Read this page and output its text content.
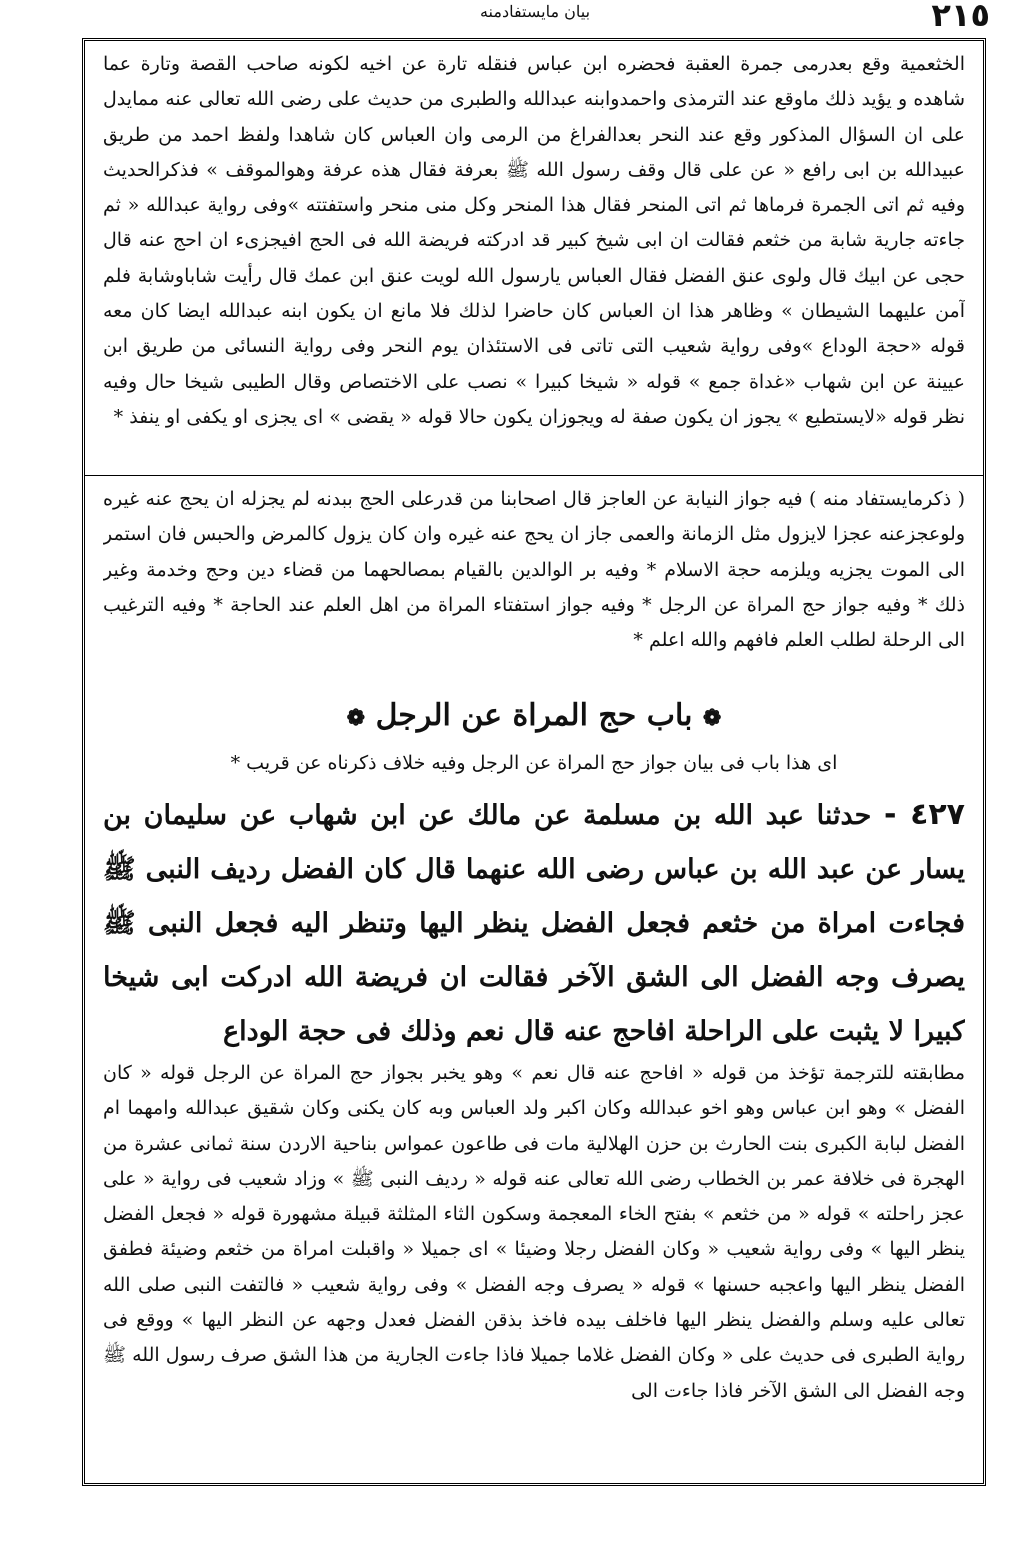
بيان مايستفادمنه	٢١٥

الخثعمية وقع بعدرمى جمرة العقبة فحضره ابن عباس فنقله تارة عن اخيه لكونه صاحب القصة وتارة عما شاهده و يؤيد ذلك ماوقع عند الترمذى واحمدوابنه عبدالله والطبرى من حديث على رضى الله تعالى عنه ممايدل على ان السؤال المذكور وقع عند النحر بعدالفراغ من الرمى وان العباس كان شاهدا ولفظ احمد من طريق عبيدالله بن ابى رافع « عن على قال وقف رسول الله ﷺ بعرفة فقال هذه عرفة وهوالموقف » فذكرالحديث وفيه ثم اتى الجمرة فرماها ثم اتى المنحر فقال هذا المنحر وكل منى منحر واستفتته »وفى رواية عبدالله « ثم جاءته جارية شابة من خثعم فقالت ان ابى شيخ كبير قد ادركته فريضة الله فى الحج افيجزىء ان احج عنه قال حجى عن ابيك قال ولوى عنق الفضل فقال العباس يارسول الله لويت عنق ابن عمك قال رأيت شاباوشابة فلم آمن عليهما الشيطان » وظاهر هذا ان العباس كان حاضرا لذلك فلا مانع ان يكون ابنه عبدالله ايضا كان معه قوله «حجة الوداع »وفى رواية شعيب التى تاتى فى الاستئذان يوم النحر وفى رواية النسائى من طريق ابن عيينة عن ابن شهاب «غداة جمع » قوله « شيخا كبيرا » نصب على الاختصاص وقال الطيبى شيخا حال وفيه نظر قوله «لايستطيع » يجوز ان يكون صفة له ويجوزان يكون حالا قوله « يقضى » اى يجزى او يكفى او ينفذ *

( ذكرمايستفاد منه ) فيه جواز النيابة عن العاجز قال اصحابنا من قدرعلى الحج ببدنه لم يجزله ان يحج عنه غيره ولوعجزعنه عجزا لايزول مثل الزمانة والعمى جاز ان يحج عنه غيره وان كان يزول كالمرض والحبس فان استمر الى الموت يجزيه ويلزمه حجة الاسلام * وفيه بر الوالدين بالقيام بمصالحهما من قضاء دين وحج وخدمة وغير ذلك * وفيه جواز حج المراة عن الرجل * وفيه جواز استفتاء المراة من اهل العلم عند الحاجة * وفيه الترغيب الى الرحلة لطلب العلم فافهم والله اعلم *

❁ باب حج المراة عن الرجل ❁

اى هذا باب فى بيان جواز حج المراة عن الرجل وفيه خلاف ذكرناه عن قريب *

٤٢٧ - حدثنا عبد الله بن مسلمة عن مالك عن ابن شهاب عن سليمان بن يسار عن عبد الله بن عباس رضى الله عنهما قال كان الفضل رديف النبى ﷺ فجاءت امراة من خثعم فجعل الفضل ينظر اليها وتنظر اليه فجعل النبى ﷺ يصرف وجه الفضل الى الشق الآخر فقالت ان فريضة الله ادركت ابى شيخا كبيرا لا يثبت على الراحلة افاحج عنه قال نعم وذلك فى حجة الوداع

مطابقته للترجمة تؤخذ من قوله « افاحج عنه قال نعم » وهو يخبر بجواز حج المراة عن الرجل قوله « كان الفضل » وهو ابن عباس وهو اخو عبدالله وكان اكبر ولد العباس وبه كان يكنى وكان شقيق عبدالله وامهما ام الفضل لبابة الكبرى بنت الحارث بن حزن الهلالية مات فى طاعون عمواس بناحية الاردن سنة ثمانى عشرة من الهجرة فى خلافة عمر بن الخطاب رضى الله تعالى عنه قوله « رديف النبى ﷺ » وزاد شعيب فى رواية « على عجز راحلته » قوله « من خثعم » بفتح الخاء المعجمة وسكون الثاء المثلثة قبيلة مشهورة قوله « فجعل الفضل ينظر اليها » وفى رواية شعيب « وكان الفضل رجلا وضيئا » اى جميلا « واقبلت امراة من خثعم وضيئة فطفق الفضل ينظر اليها واعجبه حسنها » قوله « يصرف وجه الفضل » وفى رواية شعيب « فالتفت النبى صلى الله تعالى عليه وسلم والفضل ينظر اليها فاخلف بيده فاخذ بذقن الفضل فعدل وجهه عن النظر اليها » ووقع فى رواية الطبرى فى حديث على « وكان الفضل غلاما جميلا فاذا جاءت الجارية من هذا الشق صرف رسول الله ﷺ وجه الفضل الى الشق الآخر فاذا جاءت الى
